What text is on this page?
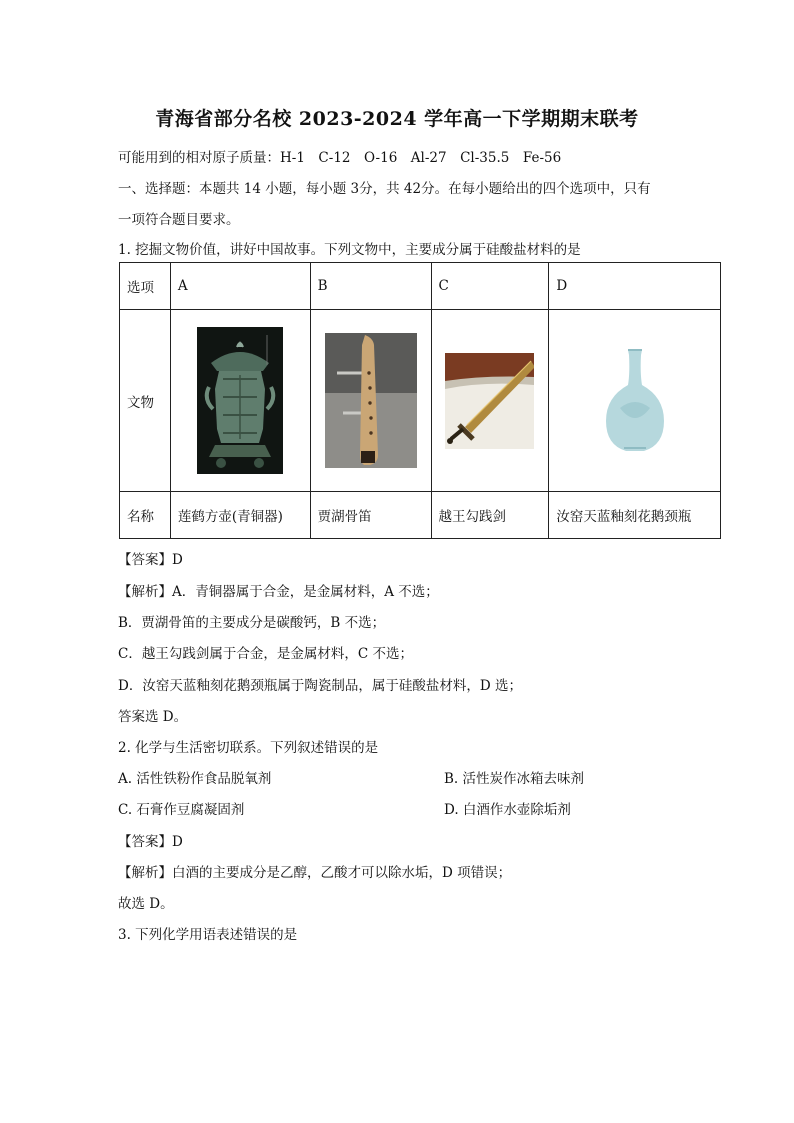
青海省部分名校 2023-2024 学年高一下学期期末联考
可能用到的相对原子质量：H-1　C-12　O-16　Al-27　Cl-35.5　Fe-56
一、选择题：本题共 14 小题，每小题 3分，共 42分。在每小题给出的四个选项中，只有
一项符合题目要求。
1. 挖掘文物价值，讲好中国故事。下列文物中，主要成分属于硅酸盐材料的是
选项	A	B	C	D
文物				
名称	莲鹤方壶(青铜器)	贾湖骨笛	越王勾践剑	汝窑天蓝釉刻花鹅颈瓶
【答案】D
【解析】A．青铜器属于合金，是金属材料，A 不选；
B．贾湖骨笛的主要成分是碳酸钙，B 不选；
C．越王勾践剑属于合金，是金属材料，C 不选；
D．汝窑天蓝釉刻花鹅颈瓶属于陶瓷制品，属于硅酸盐材料，D 选；
答案选 D。
2. 化学与生活密切联系。下列叙述错误的是
A. 活性铁粉作食品脱氧剂	B. 活性炭作冰箱去味剂
C. 石膏作豆腐凝固剂	D. 白酒作水壶除垢剂
【答案】D
【解析】白酒的主要成分是乙醇，乙酸才可以除水垢，D 项错误；
故选 D。
3. 下列化学用语表述错误的是
